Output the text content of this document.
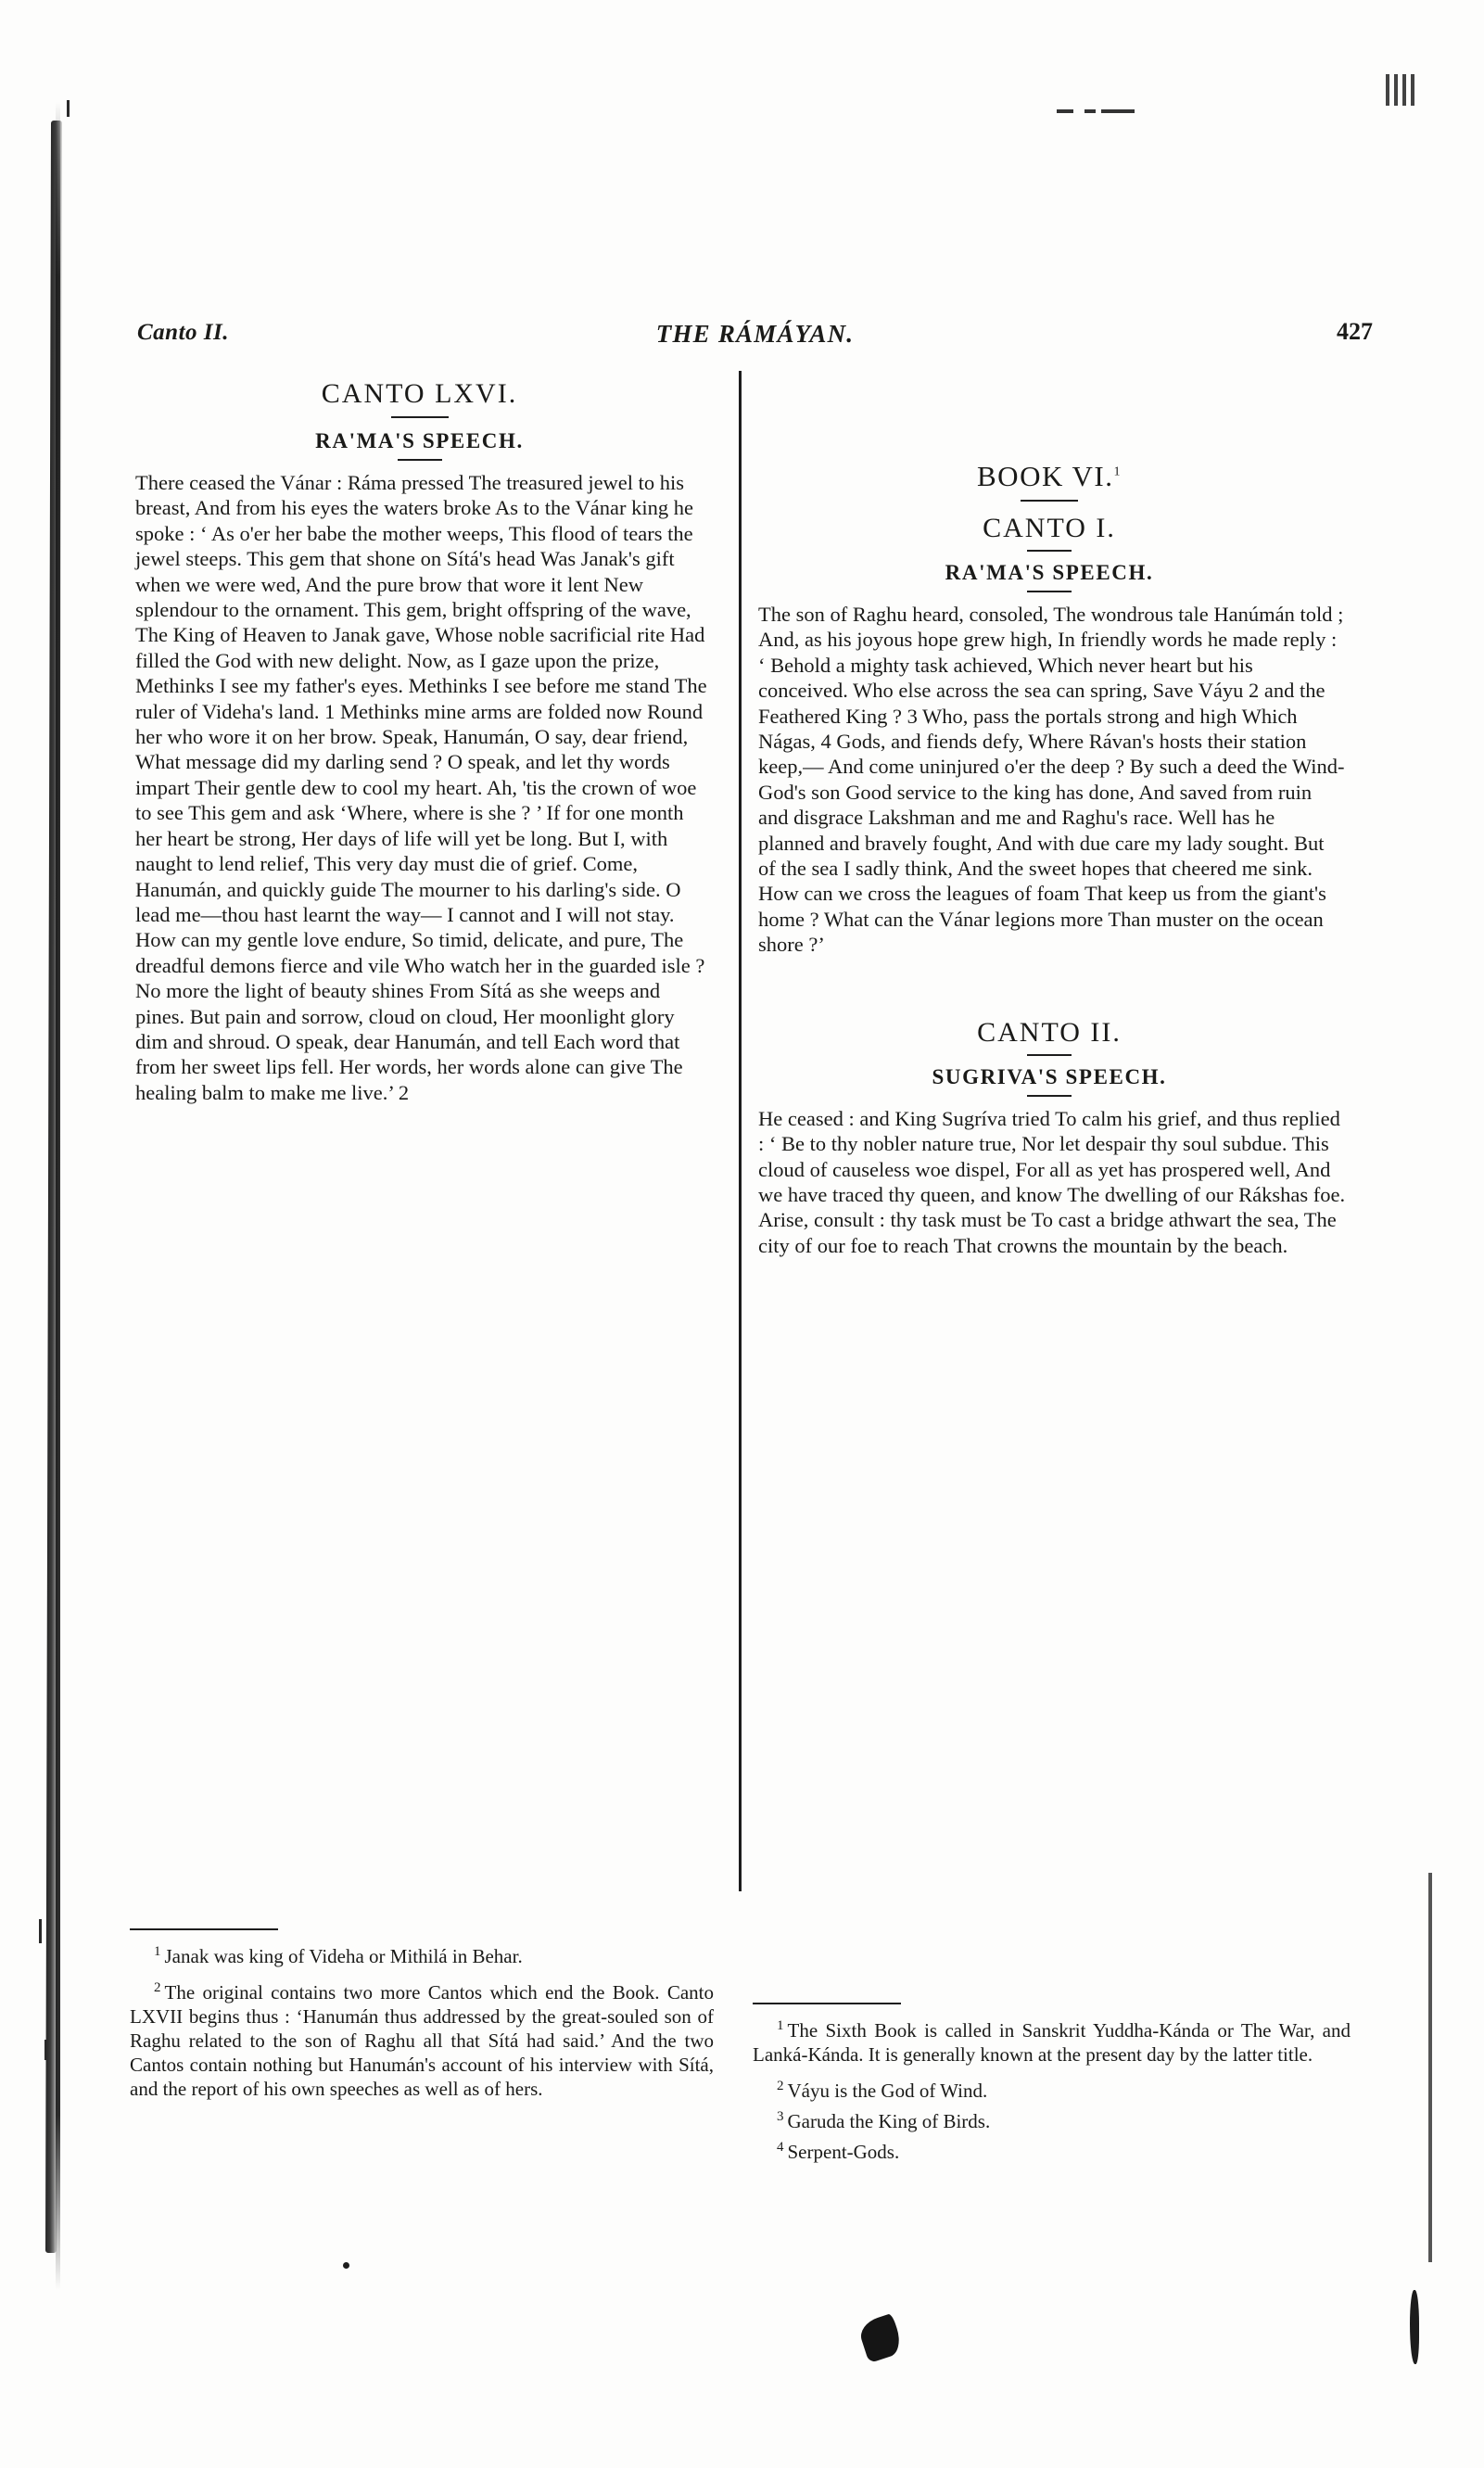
Canto II.	THE RÁMÁYAN.	427
CANTO LXVI.
RA'MA'S SPEECH.
There ceased the Vánar : Ráma pressed The treasured jewel to his breast, And from his eyes the waters broke As to the Vánar king he spoke : ‘ As o'er her babe the mother weeps, This flood of tears the jewel steeps. This gem that shone on Sítá's head Was Janak's gift when we were wed, And the pure brow that wore it lent New splendour to the ornament. This gem, bright offspring of the wave, The King of Heaven to Janak gave, Whose noble sacrificial rite Had filled the God with new delight. Now, as I gaze upon the prize, Methinks I see my father's eyes. Methinks I see before me stand The ruler of Videha's land. 1 Methinks mine arms are folded now Round her who wore it on her brow. Speak, Hanumán, O say, dear friend, What message did my darling send ? O speak, and let thy words impart Their gentle dew to cool my heart. Ah, 'tis the crown of woe to see This gem and ask ‘Where, where is she ? ’ If for one month her heart be strong, Her days of life will yet be long. But I, with naught to lend relief, This very day must die of grief. Come, Hanumán, and quickly guide The mourner to his darling's side. O lead me—thou hast learnt the way— I cannot and I will not stay. How can my gentle love endure, So timid, delicate, and pure, The dreadful demons fierce and vile Who watch her in the guarded isle ? No more the light of beauty shines From Sítá as she weeps and pines. But pain and sorrow, cloud on cloud, Her moonlight glory dim and shroud. O speak, dear Hanumán, and tell Each word that from her sweet lips fell. Her words, her words alone can give The healing balm to make me live.’ 2

$^1$ Janak was king of Videha or Mithilá in Behar.

$^2$ The original contains two more Cantos which end the Book. Canto LXVII begins thus : ‘Hanumán thus addressed by the great-souled son of Raghu related to the son of Raghu all that Sítá had said.’ And the two Cantos contain nothing but Hanumán's account of his interview with Sítá, and the report of his own speeches as well as of hers.

BOOK VI.$^1$
CANTO I.
RA'MA'S SPEECH.
The son of Raghu heard, consoled, The wondrous tale Hanúmán told ; And, as his joyous hope grew high, In friendly words he made reply : ‘ Behold a mighty task achieved, Which never heart but his conceived. Who else across the sea can spring, Save Váyu 2 and the Feathered King ? 3 Who, pass the portals strong and high Which Nágas, 4 Gods, and fiends defy, Where Rávan's hosts their station keep,— And come uninjured o'er the deep ? By such a deed the Wind-God's son Good service to the king has done, And saved from ruin and disgrace Lakshman and me and Raghu's race. Well has he planned and bravely fought, And with due care my lady sought. But of the sea I sadly think, And the sweet hopes that cheered me sink. How can we cross the leagues of foam That keep us from the giant's home ? What can the Vánar legions more Than muster on the ocean shore ?’
CANTO II.
SUGRIVA'S SPEECH.
He ceased : and King Sugríva tried To calm his grief, and thus replied : ‘ Be to thy nobler nature true, Nor let despair thy soul subdue. This cloud of causeless woe dispel, For all as yet has prospered well, And we have traced thy queen, and know The dwelling of our Rákshas foe. Arise, consult : thy task must be To cast a bridge athwart the sea, The city of our foe to reach That crowns the mountain by the beach.

$^1$ The Sixth Book is called in Sanskrit Yuddha-Kánda or The War, and Lanká-Kánda. It is generally known at the present day by the latter title.

$^2$ Váyu is the God of Wind.

$^3$ Garuda the King of Birds.

$^4$ Serpent-Gods.
